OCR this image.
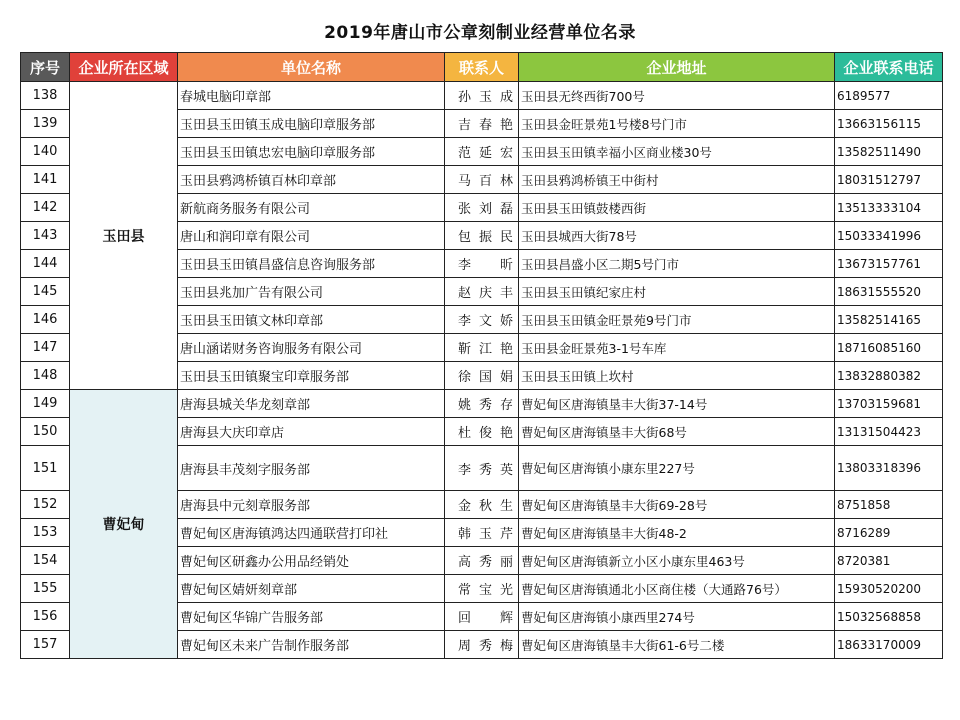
2019年唐山市公章刻制业经营单位名录
序号	企业所在区域	单位名称	联系人	企业地址	企业联系电话
138	玉田县	春城电脑印章部	孙玉成	玉田县无终西街700号	6189577
139		玉田县玉田镇玉成电脑印章服务部	吉春艳	玉田县金旺景苑1号楼8号门市	13663156115
140		玉田县玉田镇忠宏电脑印章服务部	范延宏	玉田县玉田镇幸福小区商业楼30号	13582511490
141		玉田县鸦鸿桥镇百林印章部	马百林	玉田县鸦鸿桥镇王中街村	18031512797
142		新航商务服务有限公司	张刘磊	玉田县玉田镇鼓楼西街	13513333104
143		唐山和润印章有限公司	包振民	玉田县城西大街78号	15033341996
144		玉田县玉田镇昌盛信息咨询服务部	李 昕	玉田县昌盛小区二期5号门市	13673157761
145		玉田县兆加广告有限公司	赵庆丰	玉田县玉田镇纪家庄村	18631555520
146		玉田县玉田镇文林印章部	李文娇	玉田县玉田镇金旺景苑9号门市	13582514165
147		唐山涵诺财务咨询服务有限公司	靳江艳	玉田县金旺景苑3-1号车库	18716085160
148		玉田县玉田镇聚宝印章服务部	徐国娟	玉田县玉田镇上坎村	13832880382
149	曹妃甸	唐海县城关华龙刻章部	姚秀存	曹妃甸区唐海镇垦丰大街37-14号	13703159681
150		唐海县大庆印章店	杜俊艳	曹妃甸区唐海镇垦丰大街68号	13131504423
151		唐海县丰茂刻字服务部	李秀英	曹妃甸区唐海镇小康东里227号	13803318396
152		唐海县中元刻章服务部	金秋生	曹妃甸区唐海镇垦丰大街69-28号	8751858
153		曹妃甸区唐海镇鸿达四通联营打印社	韩玉芹	曹妃甸区唐海镇垦丰大街48-2	8716289
154		曹妃甸区研鑫办公用品经销处	高秀丽	曹妃甸区唐海镇新立小区小康东里463号	8720381
155		曹妃甸区婧妍刻章部	常宝光	曹妃甸区唐海镇通北小区商住楼（大通路76号）	15930520200
156		曹妃甸区华锦广告服务部	回 辉	曹妃甸区唐海镇小康西里274号	15032568858
157		曹妃甸区未来广告制作服务部	周秀梅	曹妃甸区唐海镇垦丰大街61-6号二楼	18633170009
